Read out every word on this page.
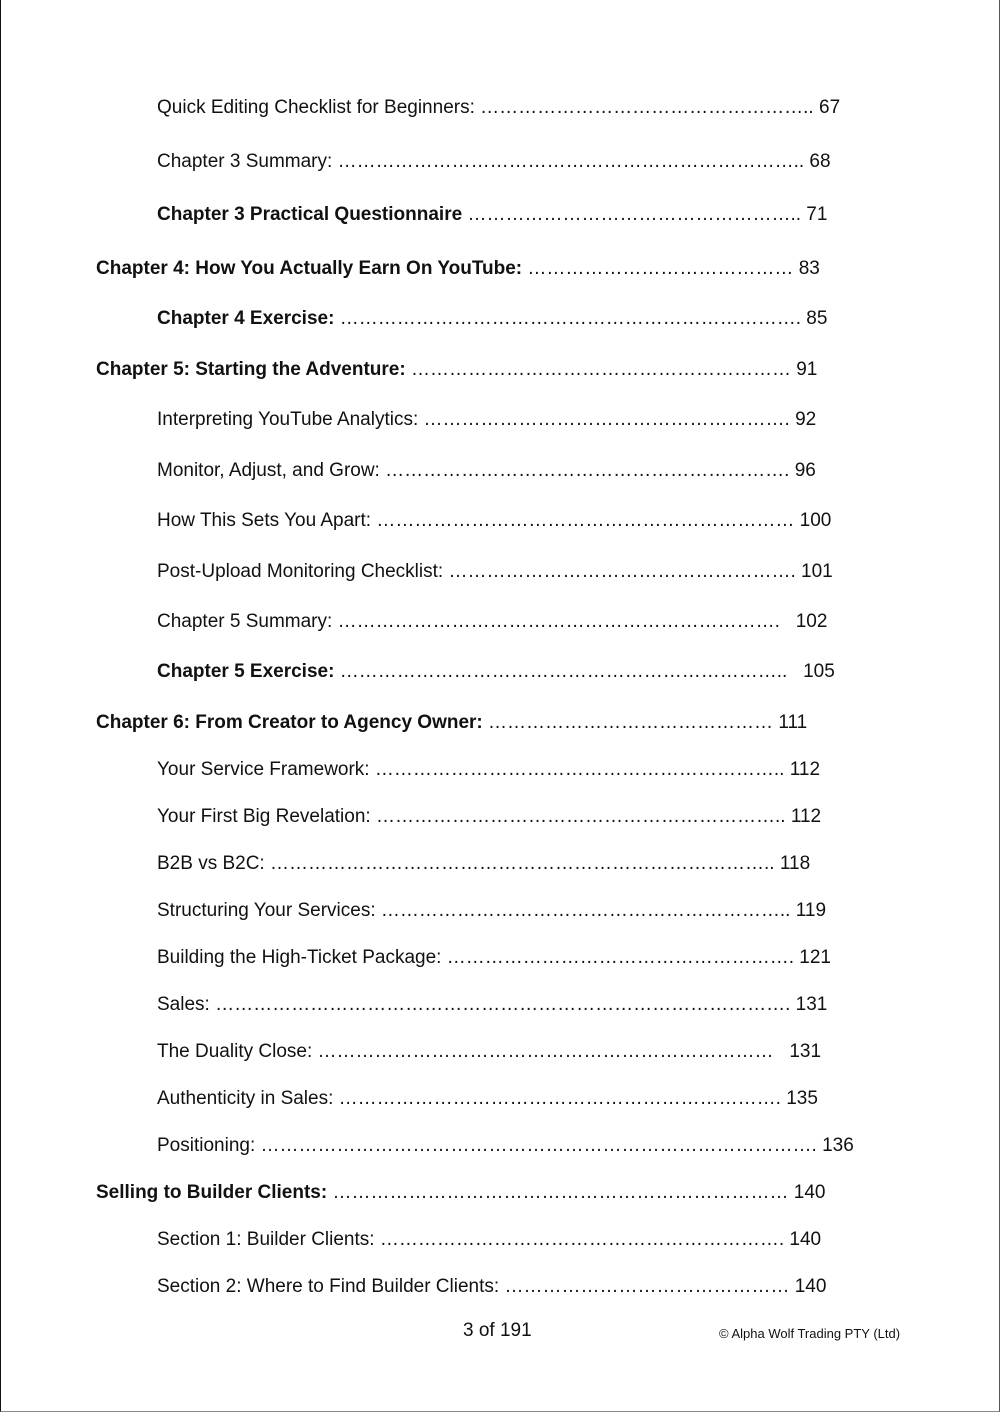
Quick Editing Checklist for Beginners: …………………………………………….. 67
Chapter 3 Summary: ……………………………………………………………….. 68
Chapter 3 Practical Questionnaire …………………………………………….. 71
Chapter 4: How You Actually Earn On YouTube: …………………………………… 83
Chapter 4 Exercise: ………………………………………………………………. 85
Chapter 5: Starting the Adventure: …………………………………………………… 91
Interpreting YouTube Analytics: …………………………………………………. 92
Monitor, Adjust, and Grow: ………………………………………………………. 96
How This Sets You Apart: ………………………………………………………… 100
Post-Upload Monitoring Checklist: ………………………………………………. 101
Chapter 5 Summary: …………………………………………………………….   102
Chapter 5 Exercise: ……………………………………………………………..   105
Chapter 6: From Creator to Agency Owner: ……………………………………… 111
Your Service Framework: ……………………………………………………….. 112
Your First Big Revelation: ……………………………………………………….. 112
B2B vs B2C: …………………………………………………………………….. 118
Structuring Your Services: ……………………………………………………….. 119
Building the High-Ticket Package: ………………………………………………. 121
Sales: ………………………………………………………………………………. 131
The Duality Close: ………………………………………………………………   131
Authenticity in Sales: ……………………………………………………………. 135
Positioning: ……………………………………………………………………………. 136
Selling to Builder Clients: ……………………………………………………………… 140
Section 1: Builder Clients: ………………………………………………………. 140
Section 2: Where to Find Builder Clients: ……………………………………… 140
3 of 191	© Alpha Wolf Trading PTY (Ltd)
